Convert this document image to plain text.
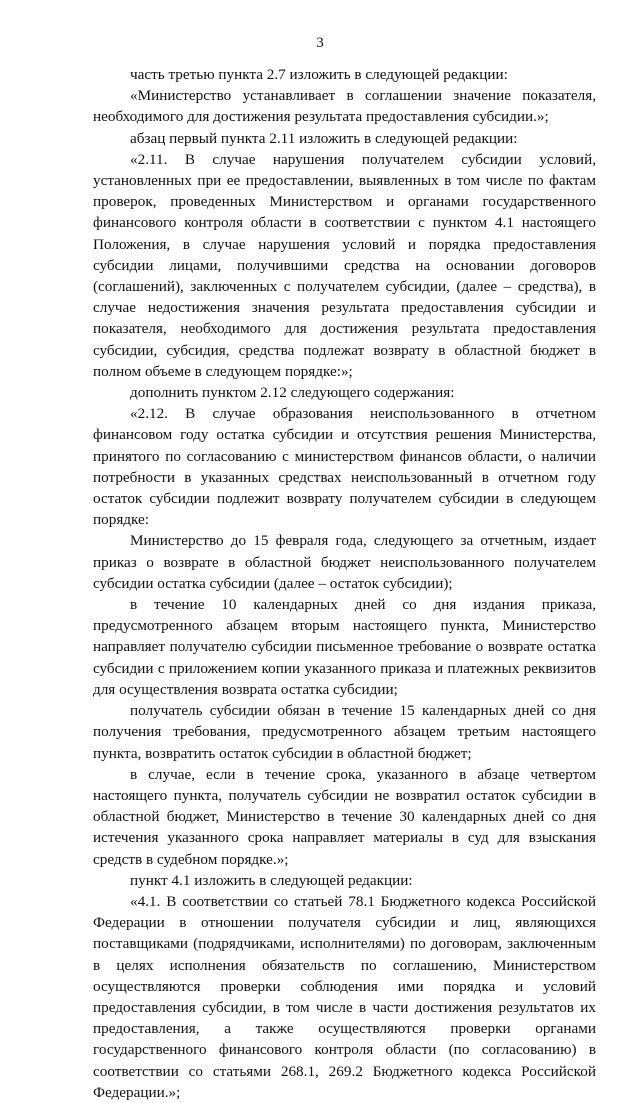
3

часть третью пункта 2.7 изложить в следующей редакции:

«Министерство устанавливает в соглашении значение показателя, необходимого для достижения результата предоставления субсидии.»;

абзац первый пункта 2.11 изложить в следующей редакции:

«2.11. В случае нарушения получателем субсидии условий, установленных при ее предоставлении, выявленных в том числе по фактам проверок, проведенных Министерством и органами государственного финансового контроля области в соответствии с пунктом 4.1 настоящего Положения, в случае нарушения условий и порядка предоставления субсидии лицами, получившими средства на основании договоров (соглашений), заключенных с получателем субсидии, (далее – средства), в случае недостижения значения результата предоставления субсидии и показателя, необходимого для достижения результата предоставления субсидии, субсидия, средства подлежат возврату в областной бюджет в полном объеме в следующем порядке:»;

дополнить пунктом 2.12 следующего содержания:

«2.12. В случае образования неиспользованного в отчетном финансовом году остатка субсидии и отсутствия решения Министерства, принятого по согласованию с министерством финансов области, о наличии потребности в указанных средствах неиспользованный в отчетном году остаток субсидии подлежит возврату получателем субсидии в следующем порядке:

Министерство до 15 февраля года, следующего за отчетным, издает приказ о возврате в областной бюджет неиспользованного получателем субсидии остатка субсидии (далее – остаток субсидии);

в течение 10 календарных дней со дня издания приказа, предусмотренного абзацем вторым настоящего пункта, Министерство направляет получателю субсидии письменное требование о возврате остатка субсидии с приложением копии указанного приказа и платежных реквизитов для осуществления возврата остатка субсидии;

получатель субсидии обязан в течение 15 календарных дней со дня получения требования, предусмотренного абзацем третьим настоящего пункта, возвратить остаток субсидии в областной бюджет;

в случае, если в течение срока, указанного в абзаце четвертом настоящего пункта, получатель субсидии не возвратил остаток субсидии в областной бюджет, Министерство в течение 30 календарных дней со дня истечения указанного срока направляет материалы в суд для взыскания средств в судебном порядке.»;

пункт 4.1 изложить в следующей редакции:

«4.1. В соответствии со статьей 78.1 Бюджетного кодекса Российской Федерации в отношении получателя субсидии и лиц, являющихся поставщиками (подрядчиками, исполнителями) по договорам, заключенным в целях исполнения обязательств по соглашению, Министерством осуществляются проверки соблюдения ими порядка и условий предоставления субсидии, в том числе в части достижения результатов их предоставления, а также осуществляются проверки органами государственного финансового контроля области (по согласованию) в соответствии со статьями 268.1, 269.2 Бюджетного кодекса Российской Федерации.»;
